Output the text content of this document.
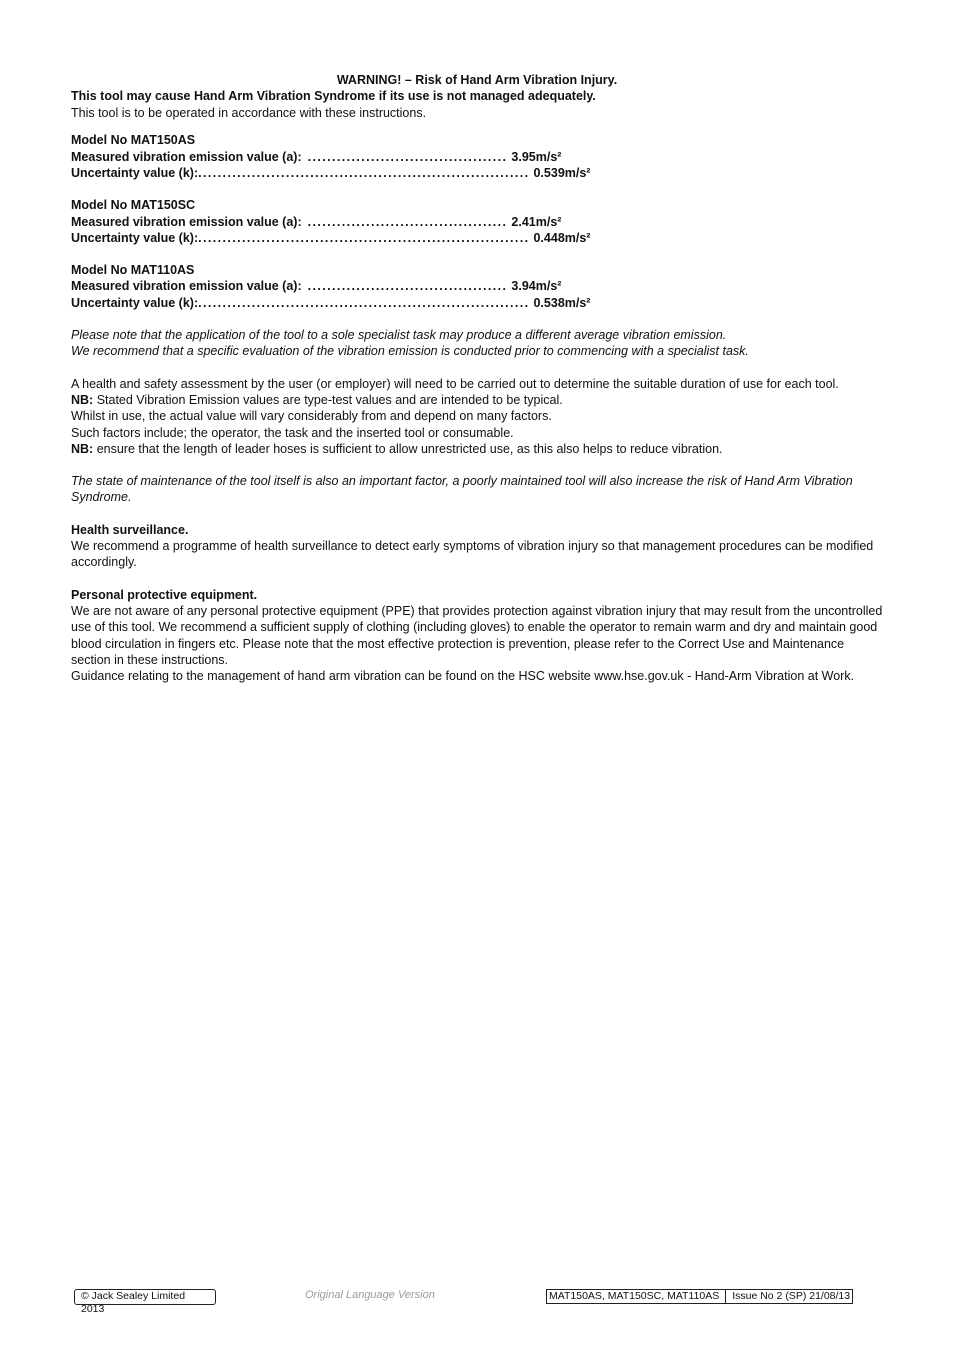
WARNING! – Risk of Hand Arm Vibration Injury.

This tool may cause Hand Arm Vibration Syndrome if its use is not managed adequately.

This tool is to be operated in accordance with these instructions.

Model No MAT150AS

Measured vibration emission value (a): ......................................... 3.95m/s²
Uncertainty value (k): .................................................................... 0.539m/s²

Model No MAT150SC

Measured vibration emission value (a): ......................................... 2.41m/s²
Uncertainty value (k): .................................................................... 0.448m/s²

Model No MAT110AS

Measured vibration emission value (a): ......................................... 3.94m/s²
Uncertainty value (k): .................................................................... 0.538m/s²

Please note that the application of the tool to a sole specialist task may produce a different average vibration emission.

We recommend that a specific evaluation of the vibration emission is conducted prior to commencing with a specialist task.

A health and safety assessment by the user (or employer) will need to be carried out to determine the suitable duration of use for each tool.

NB: Stated Vibration Emission values are type-test values and are intended to be typical.

Whilst in use, the actual value will vary considerably from and depend on many factors.

Such factors include; the operator, the task and the inserted tool or consumable.

NB: ensure that the length of leader hoses is sufficient to allow unrestricted use, as this also helps to reduce vibration.

The state of maintenance of the tool itself is also an important factor, a poorly maintained tool will also increase the risk of Hand Arm Vibration Syndrome.

Health surveillance.

We recommend a programme of health surveillance to detect early symptoms of vibration injury so that management procedures can be modified accordingly.

Personal protective equipment.

We are not aware of any personal protective equipment (PPE) that provides protection against vibration injury that may result from the uncontrolled use of this tool. We recommend a sufficient supply of clothing (including gloves) to enable the operator to remain warm and dry and maintain good blood circulation in fingers etc. Please note that the most effective protection is prevention, please refer to the Correct Use and Maintenance section in these instructions.

Guidance relating to the management of hand arm vibration can be found on the HSC website www.hse.gov.uk - Hand-Arm Vibration at Work.

© Jack Sealey Limited 2013
Original Language Version	MAT150AS, MAT150SC, MAT110AS	Issue No 2 (SP) 21/08/13
